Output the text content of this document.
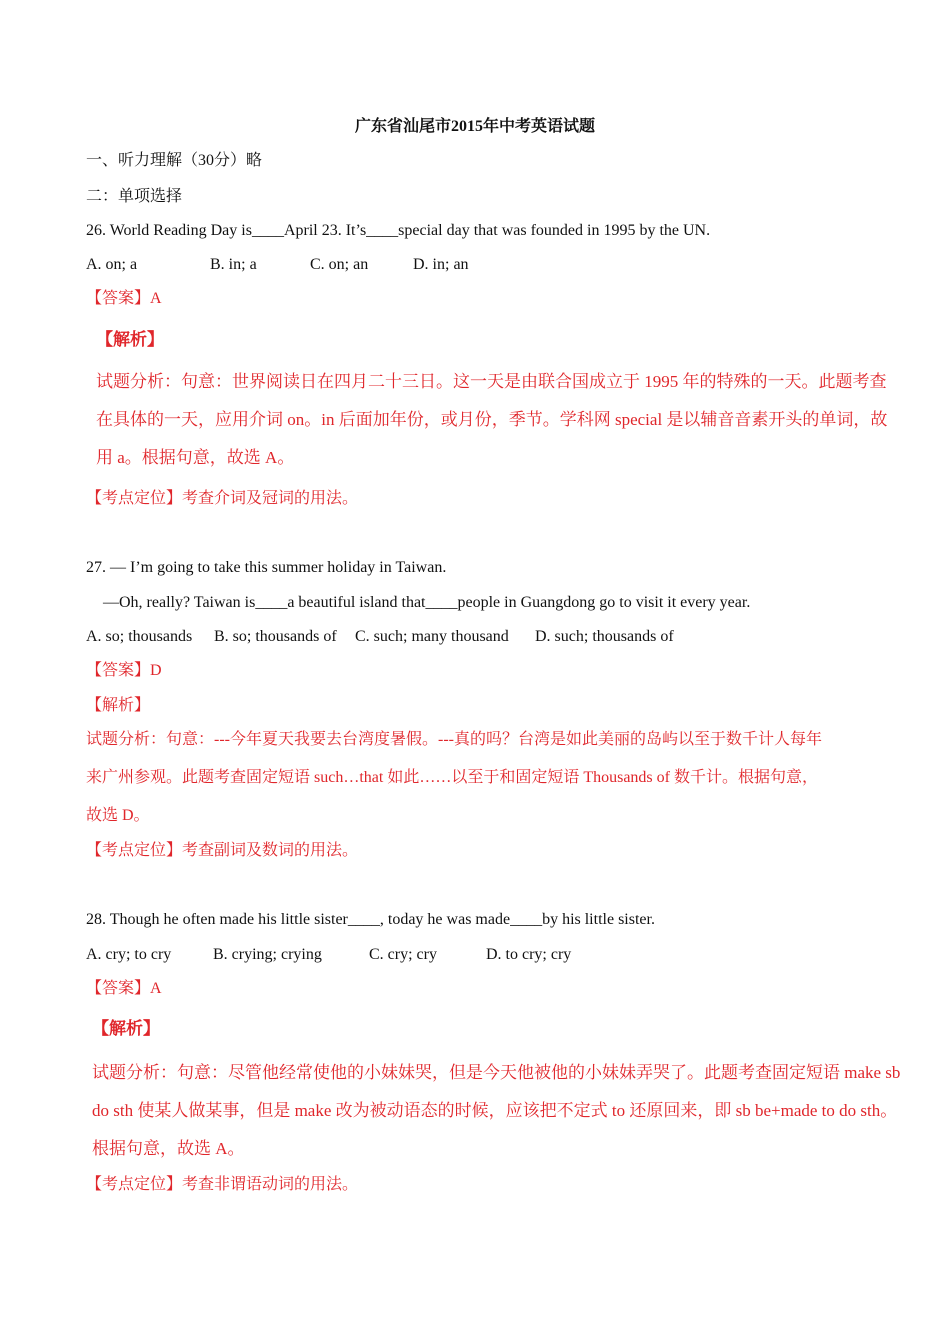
广东省汕尾市2015年中考英语试题
一、听力理解（30分）略
二：单项选择
26. World Reading Day is____April 23. It’s____special day that was founded in 1995 by the UN.
A. on; a	B. in; a	C. on; an	D. in; an
【答案】A
【解析】
试题分析：句意：世界阅读日在四月二十三日。这一天是由联合国成立于 1995 年的特殊的一天。此题考查
在具体的一天，应用介词 on。in 后面加年份，或月份，季节。学科网 special 是以辅音音素开头的单词，故
用 a。根据句意，故选 A。
【考点定位】考查介词及冠词的用法。
27. — I’m going to take this summer holiday in Taiwan.
—Oh, really? Taiwan is____a beautiful island that____people in Guangdong go to visit it every year.
A. so; thousands	B. so; thousands of	C. such; many thousand	D. such; thousands of
【答案】D
【解析】
试题分析：句意：---今年夏天我要去台湾度暑假。---真的吗？台湾是如此美丽的岛屿以至于数千计人每年
来广州参观。此题考查固定短语 such…that 如此……以至于和固定短语 Thousands of 数千计。根据句意，
故选 D。
【考点定位】考查副词及数词的用法。
28. Though he often made his little sister____, today he was made____by his little sister.
A. cry; to cry	B. crying; crying	C. cry; cry	D. to cry; cry
【答案】A
【解析】
试题分析：句意：尽管他经常使他的小妹妹哭，但是今天他被他的小妹妹弄哭了。此题考查固定短语 make sb
do sth 使某人做某事，但是 make 改为被动语态的时候，应该把不定式 to 还原回来，即 sb be+made to do sth。
根据句意，故选 A。
【考点定位】考查非谓语动词的用法。
